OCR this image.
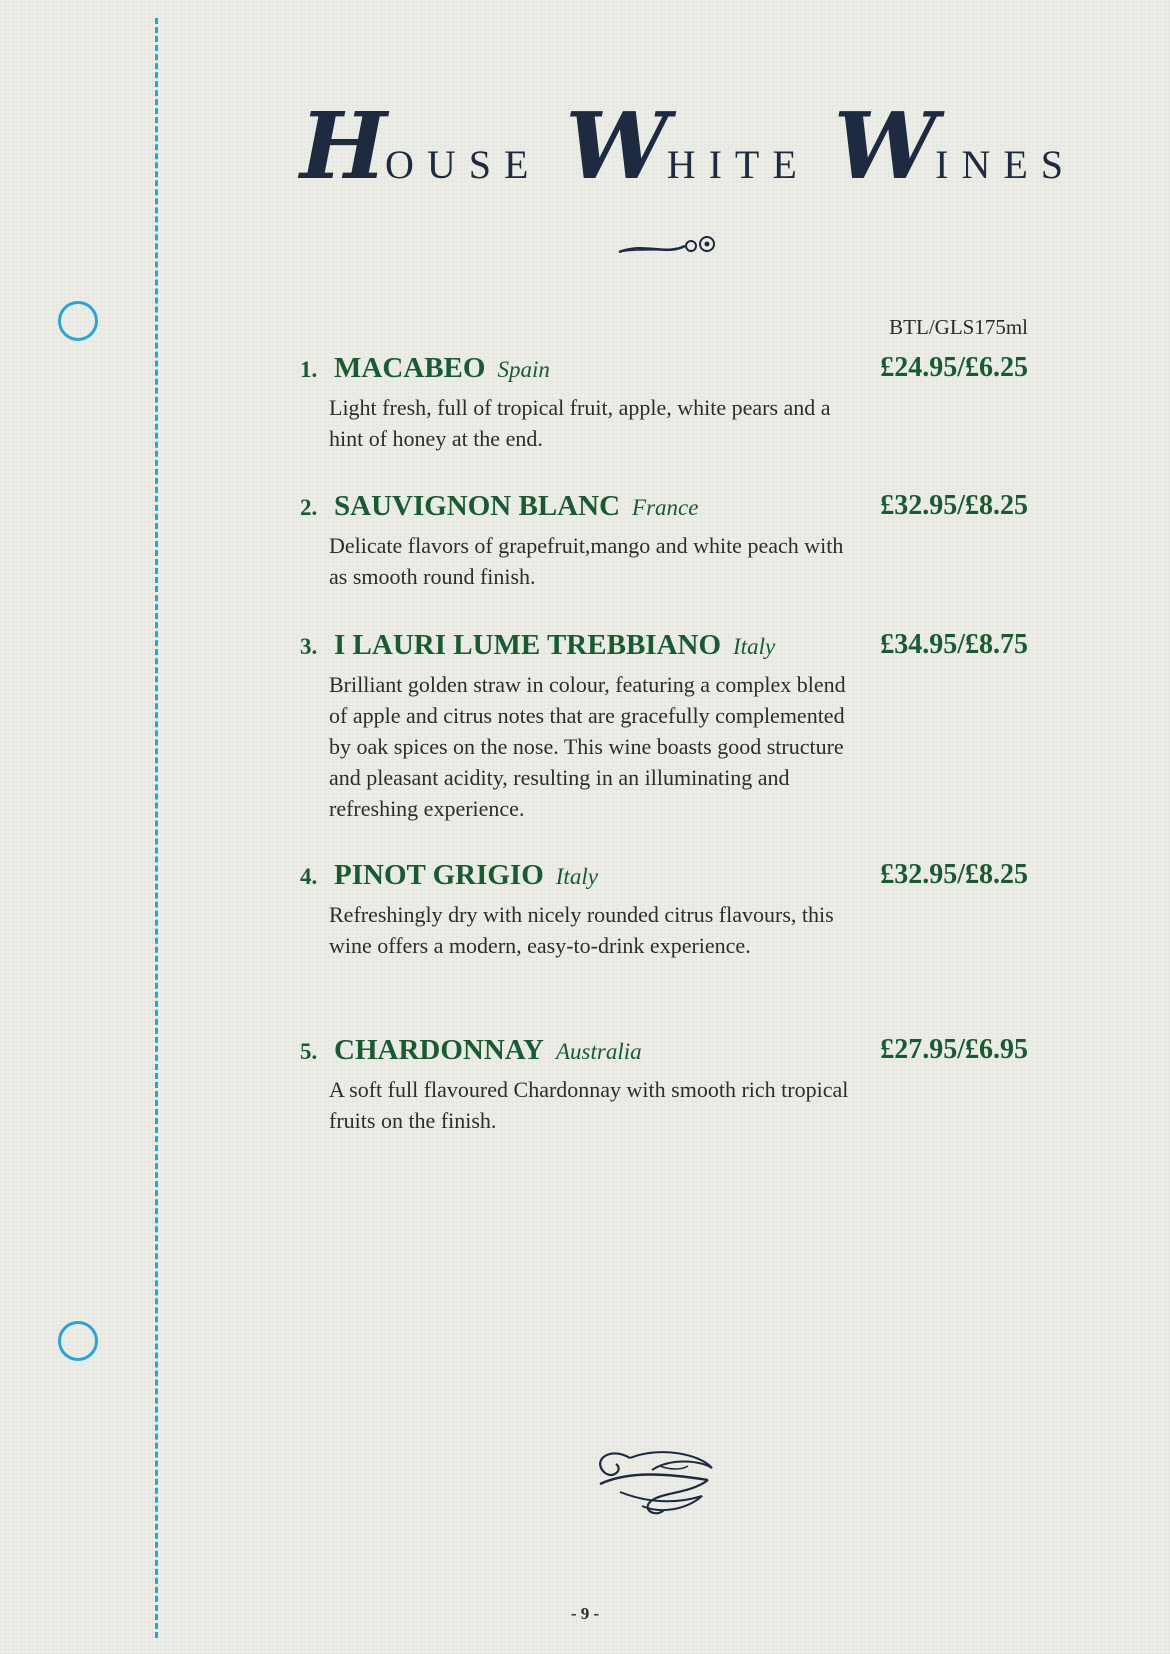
HOUSE WHITE WINES
BTL/GLS175ml
1. MACABEO Spain	£24.95/£6.25
Light fresh, full of tropical fruit, apple, white pears and a hint of honey at the end.
2. SAUVIGNON BLANC France	£32.95/£8.25
Delicate flavors of grapefruit,mango and white peach with as smooth round finish.
3. I LAURI LUME TREBBIANO Italy	£34.95/£8.75
Brilliant golden straw in colour, featuring a complex blend of apple and citrus notes that are gracefully complemented by oak spices on the nose. This wine boasts good structure and pleasant acidity, resulting in an illuminating and refreshing experience.
4. PINOT GRIGIO Italy	£32.95/£8.25
Refreshingly dry with nicely rounded citrus flavours, this wine offers a modern, easy-to-drink experience.
5. CHARDONNAY Australia	£27.95/£6.95
A soft full flavoured Chardonnay with smooth rich tropical fruits on the finish.
- 9 -
